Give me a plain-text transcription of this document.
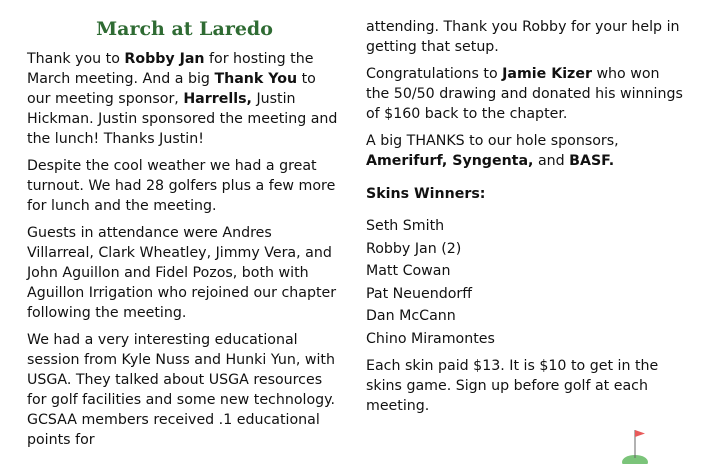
March at Laredo

Thank you to Robby Jan for hosting the March meeting. And a big Thank You to our meeting sponsor, Harrells, Justin Hickman. Justin sponsored the meeting and the lunch! Thanks Justin!

Despite the cool weather we had a great turnout. We had 28 golfers plus a few more for lunch and the meeting.

Guests in attendance were Andres Villarreal, Clark Wheatley, Jimmy Vera, and John Aguillon and Fidel Pozos, both with Aguillon Irrigation who rejoined our chapter following the meeting.

We had a very interesting educational session from Kyle Nuss and Hunki Yun, with USGA. They talked about USGA resources for golf facilities and some new technology. GCSAA members received .1 educational points for

attending. Thank you Robby for your help in getting that setup.

Congratulations to Jamie Kizer who won the 50/50 drawing and donated his winnings of $160 back to the chapter.

A big THANKS to our hole sponsors, Amerifurf, Syngenta, and BASF.

Skins Winners:

Seth Smith
Robby Jan (2)
Matt Cowan
Pat Neuendorff
Dan McCann
Chino Miramontes

Each skin paid $13. It is $10 to get in the skins game. Sign up before golf at each meeting.
